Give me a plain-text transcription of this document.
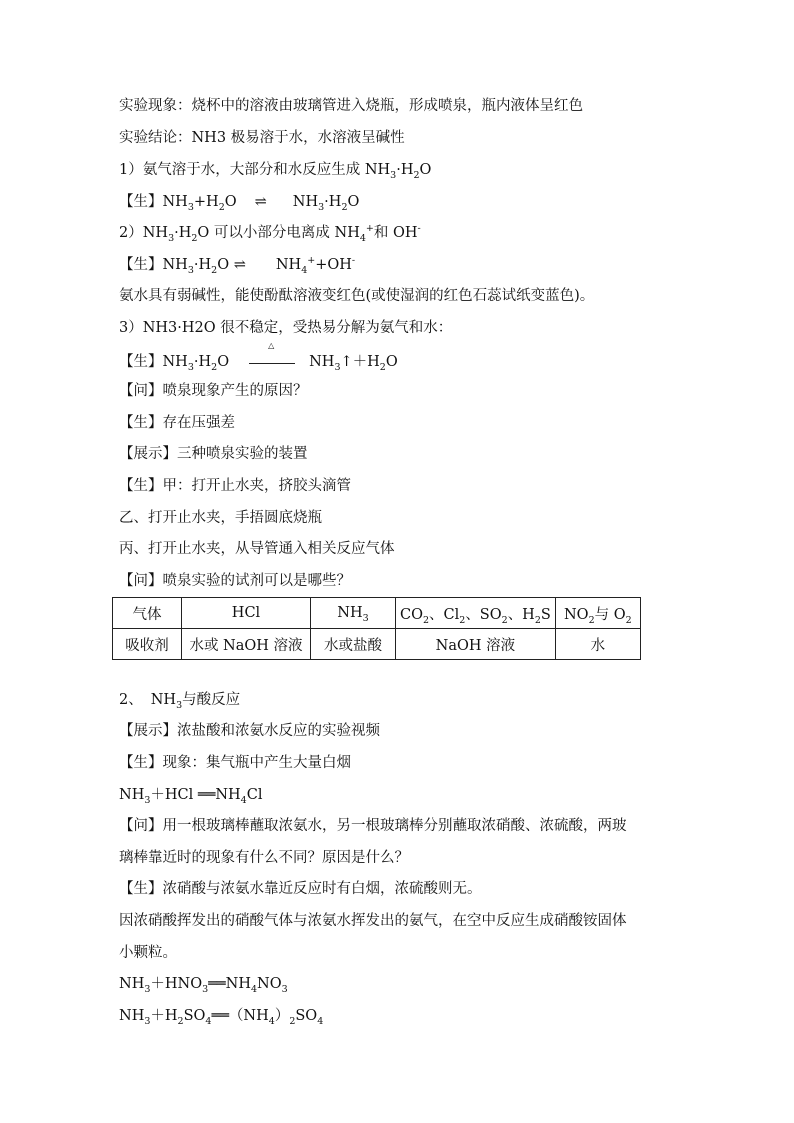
实验现象：烧杯中的溶液由玻璃管进入烧瓶，形成喷泉，瓶内液体呈红色
实验结论：NH3 极易溶于水，水溶液呈碱性
1）氨气溶于水，大部分和水反应生成 $NH_3\cdot H_2O$
【生】$NH_3+H_2O$ ⇌ $NH_3\cdot H_2O$
$2)NH_3\cdot H_2O$ 可以小部分电离成 $NH_4^+$和 OH-
【生】$NH_3\cdot H_2O$ ⇌ $NH_4^++OH^-$
氨水具有弱碱性，能使酚酞溶液变红色(或使湿润的红色石蕊试纸变蓝色)。
3）NH3·H2O 很不稳定，受热易分解为氨气和水：
【生】$NH_3\cdot H_2O$
△
$NH_3↑+H_2O$
【问】喷泉现象产生的原因？
【生】存在压强差
【展示】三种喷泉实验的装置
【生】甲：打开止水夹，挤胶头滴管
乙、打开止水夹，手捂圆底烧瓶
丙、打开止水夹，从导管通入相关反应气体
【问】喷泉实验的试剂可以是哪些？
气体	HCl	$NH_3$	$CO_2$、$Cl_2$、$SO_2$、$H_2S$	$NO_2$与 $O_2$
吸收剂	水或 NaOH 溶液	水或盐酸	NaOH 溶液	水
2、 $NH_3$与酸反应
【展示】浓盐酸和浓氨水反应的实验视频
【生】现象：集气瓶中产生大量白烟
$NH_3+HCl$ $══NH_4Cl$
【问】用一根玻璃棒蘸取浓氨水，另一根玻璃棒分别蘸取浓硝酸、浓硫酸，两玻
璃棒靠近时的现象有什么不同？原因是什么？
【生】浓硝酸与浓氨水靠近反应时有白烟，浓硫酸则无。
因浓硝酸挥发出的硝酸气体与浓氨水挥发出的氨气，在空中反应生成硝酸铵固体
小颗粒。
$NH_3+HNO_3══NH_4NO_3$
$NH_3+H_2SO_4══(NH_4)_2SO_4$
